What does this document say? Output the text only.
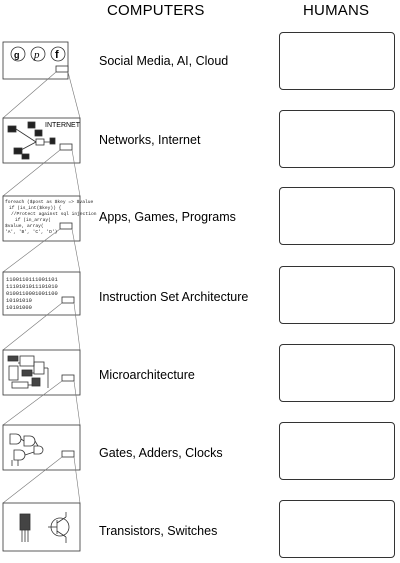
COMPUTERS	HUMANS
g p f
INTERNET
foreach ($post as $key => $value
if (is_int($key)) {
//Protect against sql injection
if (in_array(
$value, array(
'A', 'B', 'C', 'D')
1100110111001101
1110101011101010
0100110001001100
10101010
10101000
Social Media, AI, Cloud
Networks, Internet
Apps, Games, Programs
Instruction Set Architecture
Microarchitecture
Gates, Adders, Clocks
Transistors, Switches
